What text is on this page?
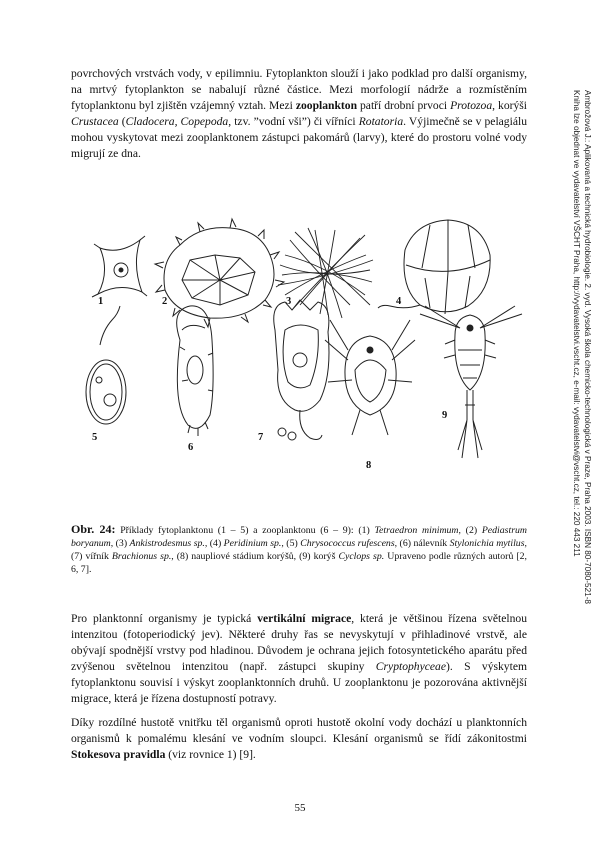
povrchových vrstvách vody, v epilimniu. Fytoplankton slouží i jako podklad pro další organismy, na mrtvý fytoplankton se nabalují různé částice. Mezi morfologií nádrže a rozmístěním fytoplanktonu byl zjištěn vzájemný vztah. Mezi zooplankton patří drobní prvoci Protozoa, korýši Crustacea (Cladocera, Copepoda, tzv. ”vodní vši”) či vířníci Rotatoria. Výjimečně se v pelagiálu mohou vyskytovat mezi zooplanktonem zástupci pakomárů (larvy), které do prostoru volné vody migrují ze dna.

1	2	3	4
5
6
7
8
9

Obr. 24: Příklady fytoplanktonu (1 – 5) a zooplanktonu (6 – 9): (1) Tetraedron minimum, (2) Pediastrum boryanum, (3) Ankistrodesmus sp., (4) Peridinium sp., (5) Chrysococcus rufescens, (6) nálevník Stylonichia mytilus, (7) vířník Brachionus sp., (8) naupliové stádium korýšů, (9) korýš Cyclops sp. Upraveno podle různých autorů [2, 6, 7].

Pro planktonní organismy je typická vertikální migrace, která je většinou řízena světelnou intenzitou (fotoperiodický jev). Některé druhy řas se nevyskytují v přihladinové vrstvě, ale obývají spodnější vrstvy pod hladinou. Důvodem je ochrana jejich fotosyntetického aparátu před zvýšenou světelnou intenzitou (např. zástupci skupiny Cryptophyceae). S výskytem fytoplanktonu souvisí i výskyt zooplanktonních druhů. U zooplanktonu je pozorována aktivnější migrace, která je řízena dostupností potravy.

Díky rozdílné hustotě vnitřku těl organismů oproti hustotě okolní vody dochází u planktonních organismů k pomalému klesání ve vodním sloupci. Klesání organismů se řídí zákonitostmi Stokesova pravidla (viz rovnice 1) [9].

Ambrožová J.: Aplikovaná a technická hydrobiologie. 2. vyd. Vysoká škola chemicko-technologická v Praze, Praha 2003. ISBN 80-7080-521-8
Kniha lze objednat ve vydavatelství VŠCHT Praha, http://vydavatelstvi.vscht.cz, e-mail: vydavatelstvi@vscht.cz, tel.: 220 443 211
55
